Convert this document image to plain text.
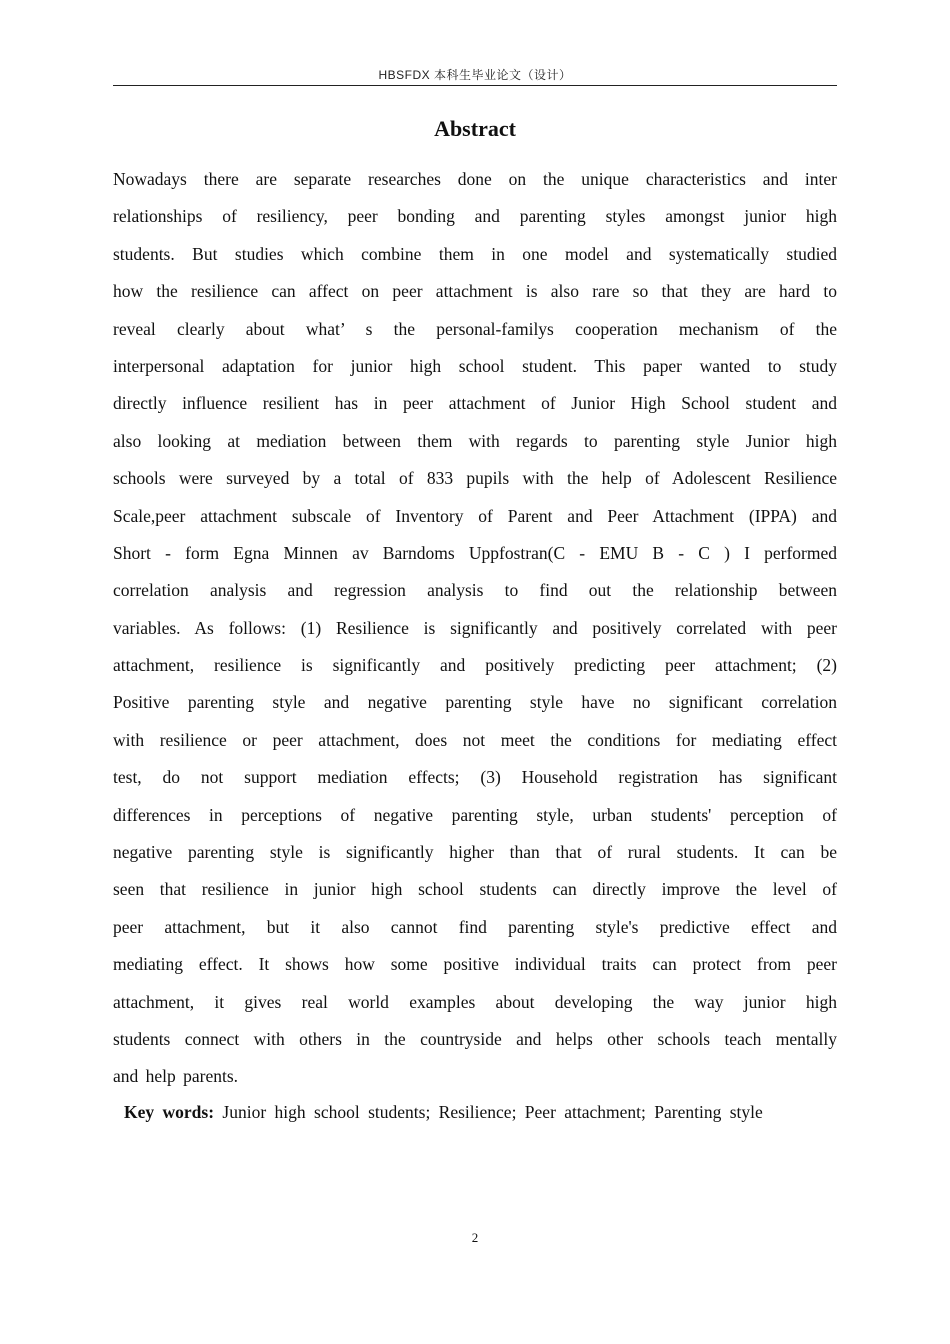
HBSFDX 本科生毕业论文（设计）
Abstract
Nowadays there are separate researches done on the unique characteristics and inter
relationships of resiliency, peer bonding and parenting styles amongst junior high
students. But studies which combine them in one model and systematically studied
how the resilience can affect on peer attachment is also rare so that they are hard to
reveal clearly about what’ s the personal-familys cooperation mechanism of the
interpersonal adaptation for junior high school student. This paper wanted to study
directly influence resilient has in peer attachment of Junior High School student and
also looking at mediation between them with regards to parenting style Junior high
schools were surveyed by a total of 833 pupils with the help of Adolescent Resilience
Scale,peer attachment subscale of Inventory of Parent and Peer Attachment (IPPA) and
Short - form Egna Minnen av Barndoms Uppfostran(C - EMU B - C ) I performed
correlation analysis and regression analysis to find out the relationship between
variables. As follows: (1) Resilience is significantly and positively correlated with peer
attachment, resilience is significantly and positively predicting peer attachment; (2)
Positive parenting style and negative parenting style have no significant correlation
with resilience or peer attachment, does not meet the conditions for mediating effect
test, do not support mediation effects; (3) Household registration has significant
differences in perceptions of negative parenting style, urban students' perception of
negative parenting style is significantly higher than that of rural students. It can be
seen that resilience in junior high school students can directly improve the level of
peer attachment, but it also cannot find parenting style's predictive effect and
mediating effect. It shows how some positive individual traits can protect from peer
attachment, it gives real world examples about developing the way junior high
students connect with others in the countryside and helps other schools teach mentally
and help parents.
Key words: Junior high school students; Resilience; Peer attachment; Parenting style
2
